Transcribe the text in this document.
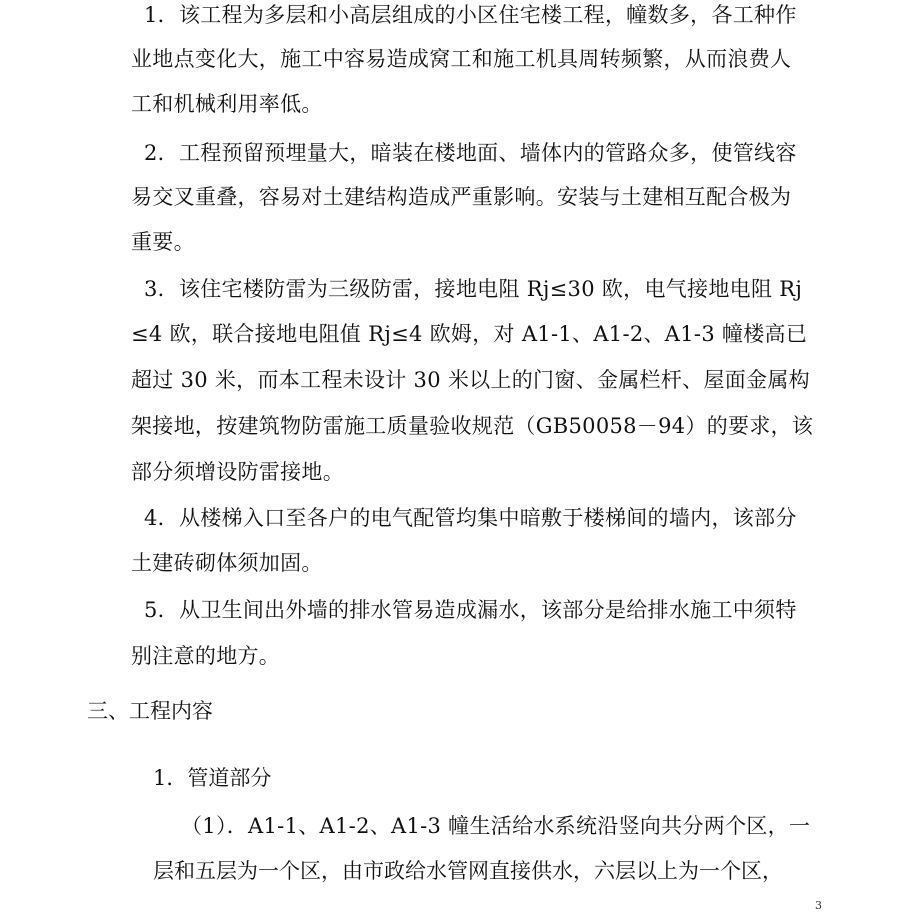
1．该工程为多层和小高层组成的小区住宅楼工程，幢数多，各工种作
业地点变化大，施工中容易造成窝工和施工机具周转频繁，从而浪费人
工和机械利用率低。
2．工程预留预埋量大，暗装在楼地面、墙体内的管路众多，使管线容
易交叉重叠，容易对土建结构造成严重影响。安装与土建相互配合极为
重要。
3．该住宅楼防雷为三级防雷，接地电阻 Rj≤30 欧，电气接地电阻 Rj
≤4 欧，联合接地电阻值 Rj≤4 欧姆，对 A1-1、A1-2、A1-3 幢楼高已
超过 30 米，而本工程未设计 30 米以上的门窗、金属栏杆、屋面金属构
架接地，按建筑物防雷施工质量验收规范（GB50058－94）的要求，该
部分须增设防雷接地。
4．从楼梯入口至各户的电气配管均集中暗敷于楼梯间的墙内，该部分
土建砖砌体须加固。
5．从卫生间出外墙的排水管易造成漏水，该部分是给排水施工中须特
别注意的地方。
三、工程内容
1．管道部分
（1）．A1-1、A1-2、A1-3 幢生活给水系统沿竖向共分两个区，一
层和五层为一个区，由市政给水管网直接供水，六层以上为一个区，
3
